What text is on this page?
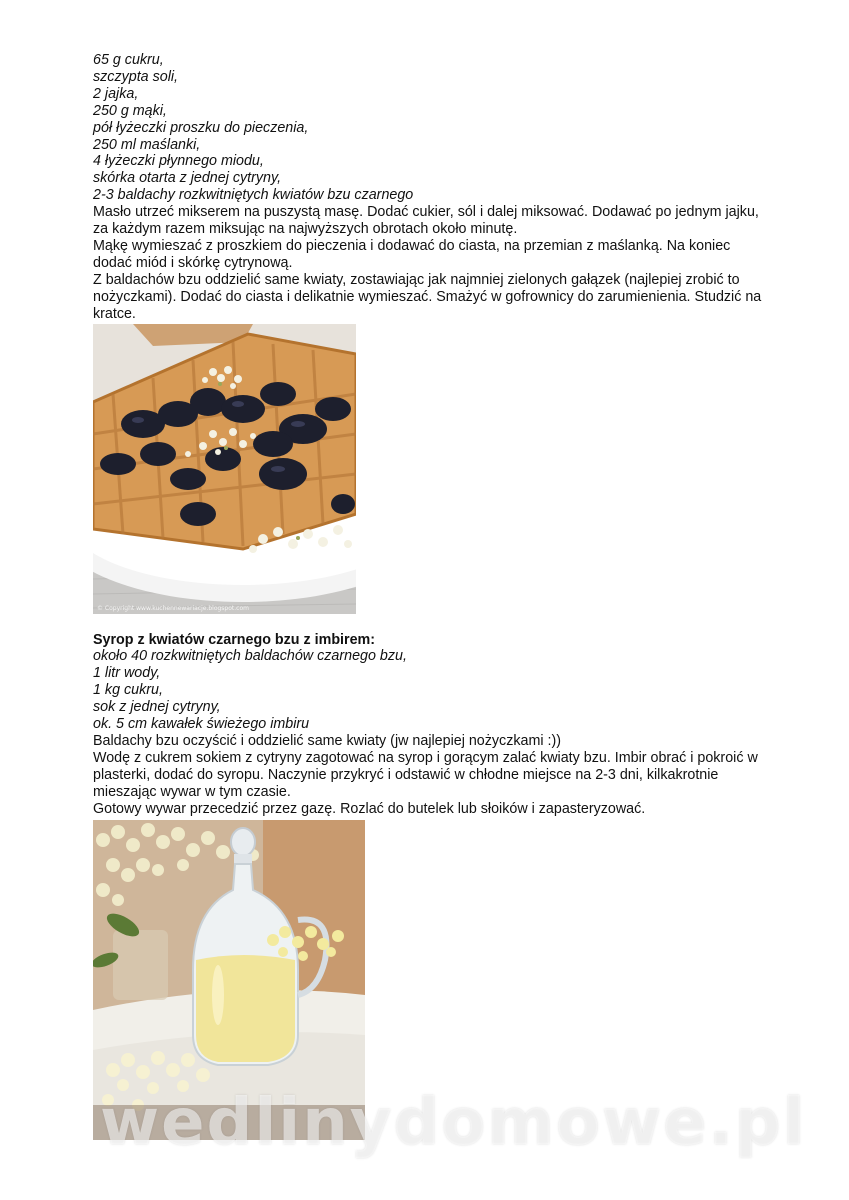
65 g cukru,
szczypta soli,
2 jajka,
250 g mąki,
pół łyżeczki proszku do pieczenia,
250 ml maślanki,
4 łyżeczki płynnego miodu,
skórka otarta z jednej cytryny,
2-3 baldachy rozkwitniętych kwiatów bzu czarnego
Masło utrzeć mikserem na puszystą masę. Dodać cukier, sól i dalej miksować. Dodawać po jednym jajku,
za każdym razem miksując na najwyższych obrotach około minutę.
Mąkę wymieszać z proszkiem do pieczenia i dodawać do ciasta, na przemian z maślanką. Na koniec
dodać miód i skórkę cytrynową.
Z baldachów bzu oddzielić same kwiaty, zostawiając jak najmniej zielonych gałązek (najlepiej zrobić to
nożyczkami). Dodać do ciasta i delikatnie wymieszać. Smażyć w gofrownicy do zarumienienia. Studzić na
kratce.
© Copyright www.kuchennewariacje.blogspot.com
Syrop z kwiatów czarnego bzu z imbirem:
około 40 rozkwitniętych baldachów czarnego bzu,
1 litr wody,
1 kg cukru,
sok z jednej cytryny,
ok. 5 cm kawałek świeżego imbiru
Baldachy bzu oczyścić i oddzielić same kwiaty (jw najlepiej nożyczkami :))
Wodę z cukrem sokiem z cytryny zagotować na syrop i gorącym zalać kwiaty bzu. Imbir obrać i pokroić w
plasterki, dodać do syropu. Naczynie przykryć i odstawić w chłodne miejsce na 2-3 dni, kilkakrotnie
mieszając wywar w tym czasie.
Gotowy wywar przecedzić przez gazę. Rozlać do butelek lub słoików i zapasteryzować.
wedlinydomowe.pl
